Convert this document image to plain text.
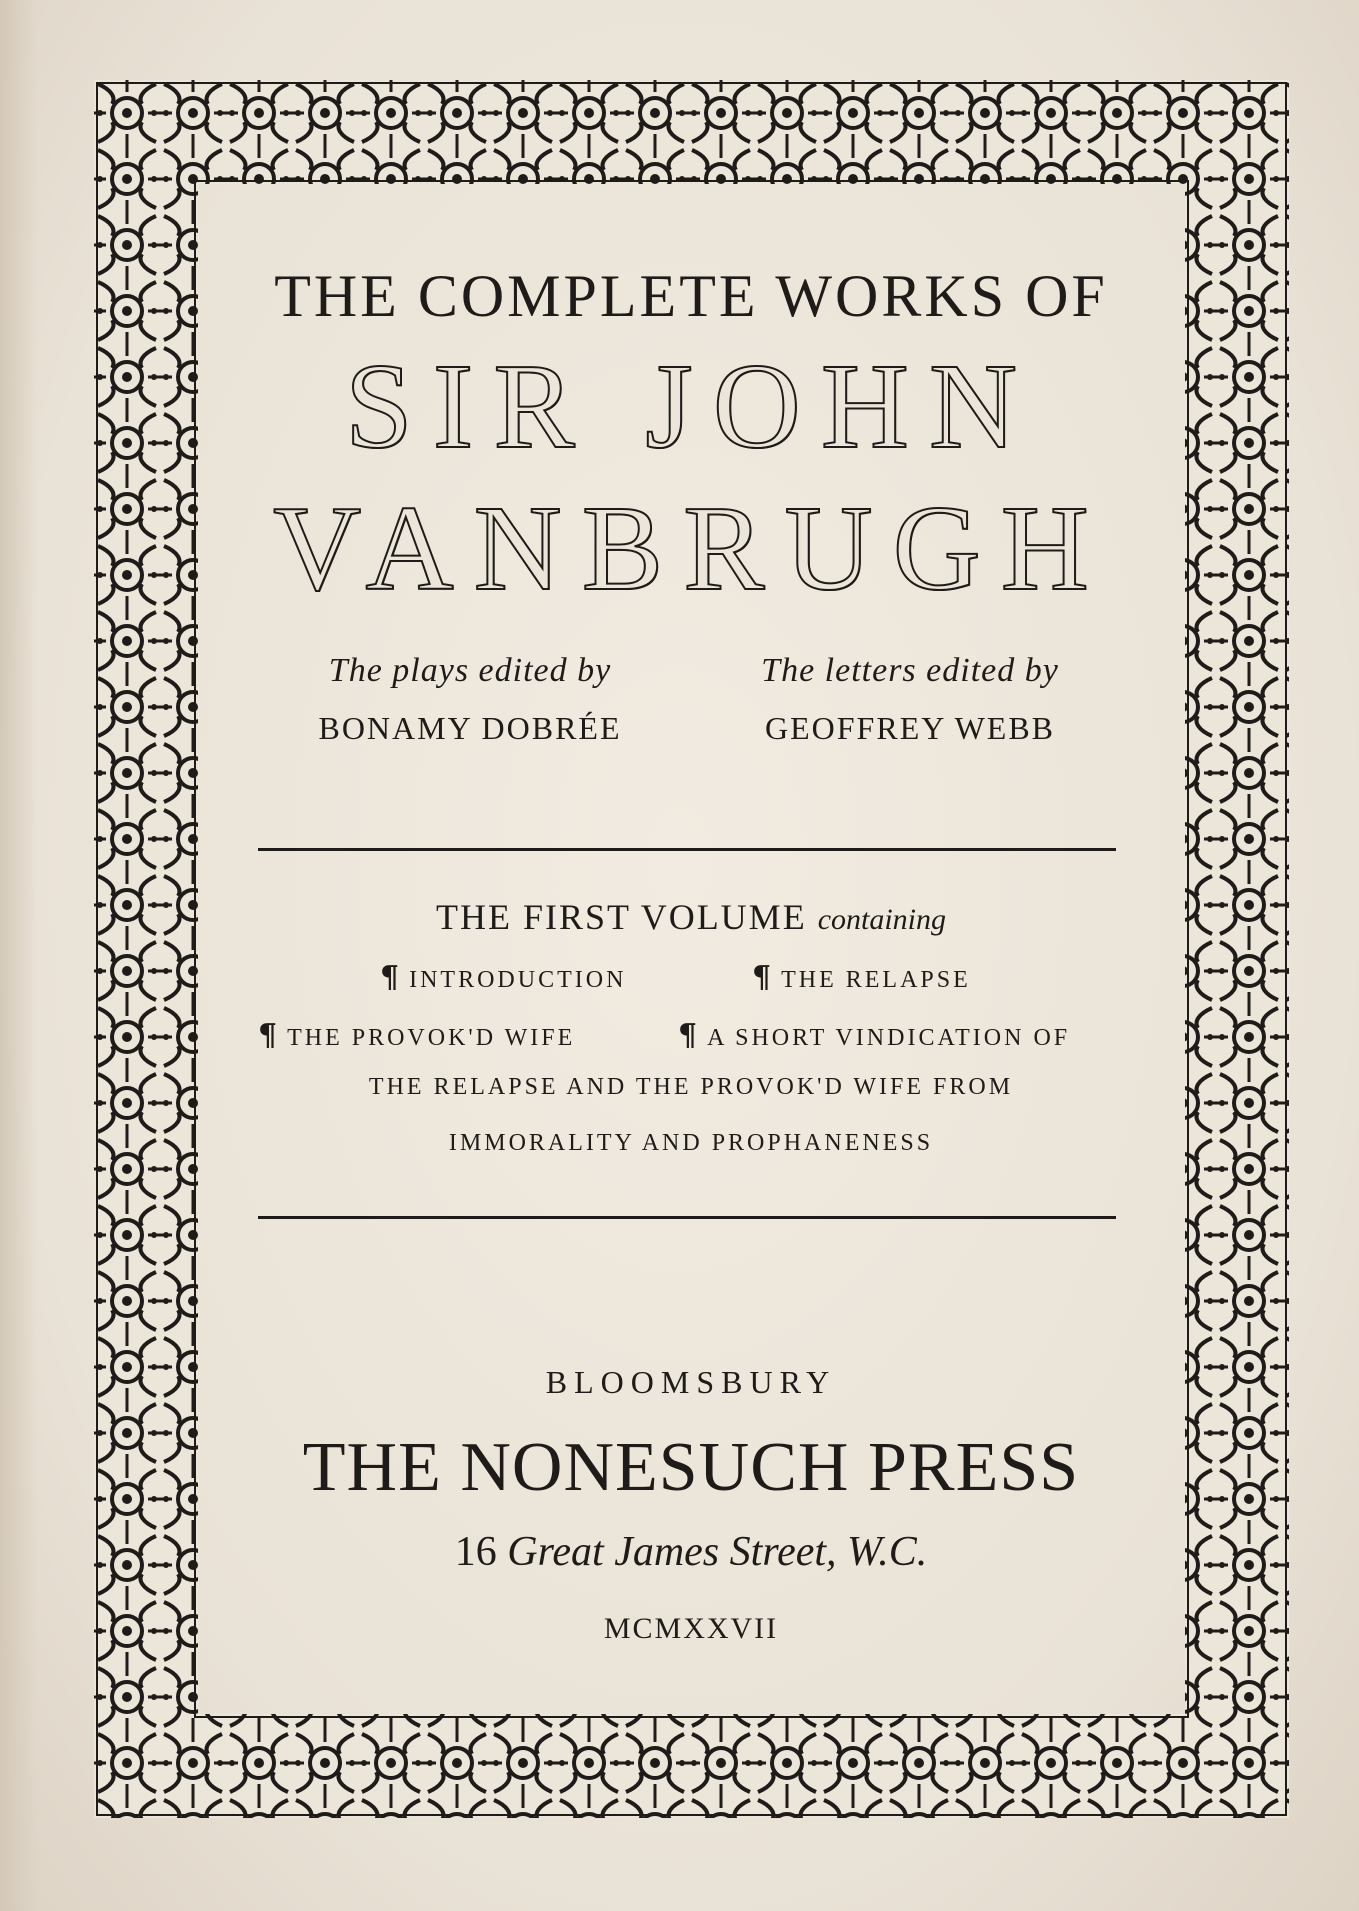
THE COMPLETE WORKS OF
SIR JOHN
VANBRUGH
The plays edited by
BONAMY DOBRÉE
The letters edited by
GEOFFREY WEBB
THE FIRST VOLUME containing
¶ INTRODUCTION	¶ THE RELAPSE
¶ THE PROVOK'D WIFE	¶ A SHORT VINDICATION OF
THE RELAPSE AND THE PROVOK'D WIFE FROM
IMMORALITY AND PROPHANENESS
BLOOMSBURY
THE NONESUCH PRESS
16 Great James Street, W.C.
MCMXXVII
